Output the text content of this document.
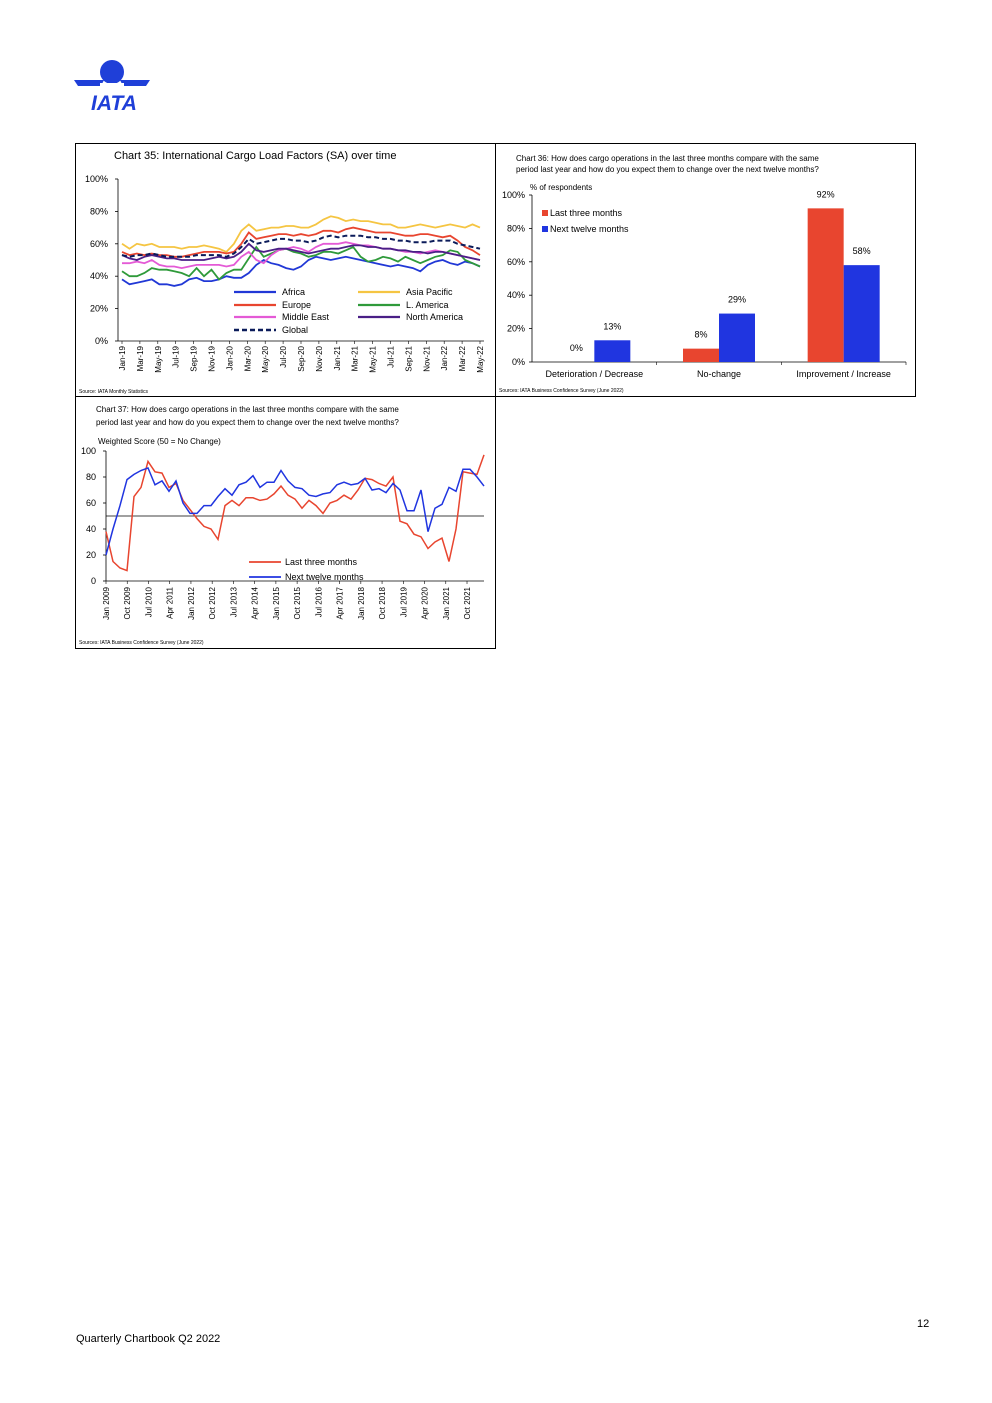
IATA
Chart 35: International Cargo Load Factors (SA) over time
0%
20%
40%
60%
80%
100%
Jan-19 Mar-19 May-19 Jul-19 Sep-19 Nov-19 Jan-20 Mar-20 May-20 Jul-20 Sep-20 Nov-20 Jan-21 Mar-21 May-21 Jul-21 Sep-21 Nov-21 Jan-22 Mar-22 May-22
Africa
Europe
Middle East
Global
Asia Pacific
L. America
North America
Source: IATA Monthly Statistics
Chart 36: How does cargo operations in the last three months compare with the same
period last year and how do you expect them to change over the next twelve months?
% of respondents
0%
20%
40%
60%
80%
100%
Deterioration / Decrease	No-change	Improvement / Increase
0%
13%
8%
29%
92%
58%
Last three months
Next twelve months
Sources: IATA Business Confidence Survey (June 2022)
Chart 37: How does cargo operations in the last three months compare with the same
period last year and how do you expect them to change over the next twelve months?
Weighted Score (50 = No Change)
0
20
40
60
80
100
Jan 2009 Oct 2009 Jul 2010 Apr 2011 Jan 2012 Oct 2012 Jul 2013 Apr 2014 Jan 2015 Oct 2015 Jul 2016 Apr 2017 Jan 2018 Oct 2018 Jul 2019 Apr 2020 Jan 2021 Oct 2021
Last three months
Next twelve months
Sources: IATA Business Confidence Survey (June 2022)
12
Quarterly Chartbook Q2 2022
